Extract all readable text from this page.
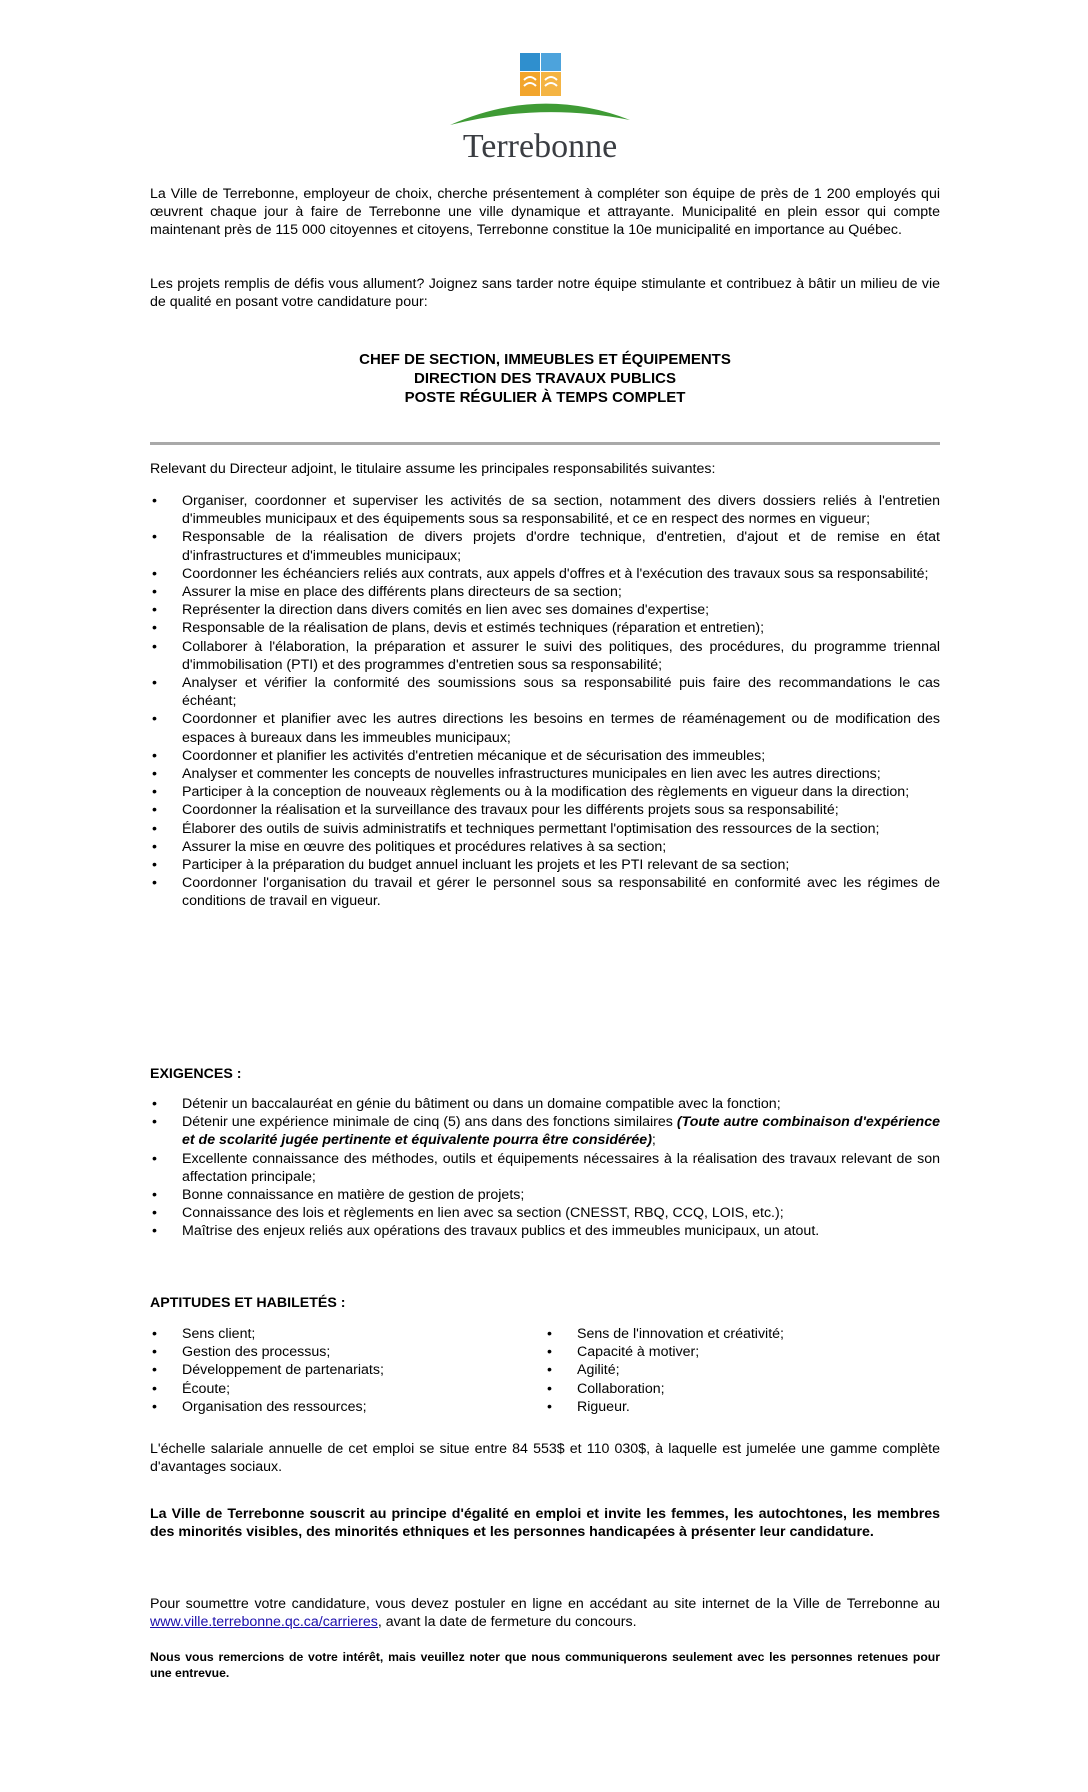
Terrebonne

La Ville de Terrebonne, employeur de choix, cherche présentement à compléter son équipe de près de 1 200 employés qui œuvrent chaque jour à faire de Terrebonne une ville dynamique et attrayante. Municipalité en plein essor qui compte maintenant près de 115 000 citoyennes et citoyens, Terrebonne constitue la 10e municipalité en importance au Québec.

Les projets remplis de défis vous allument? Joignez sans tarder notre équipe stimulante et contribuez à bâtir un milieu de vie de qualité en posant votre candidature pour:

CHEF DE SECTION, IMMEUBLES ET ÉQUIPEMENTS
DIRECTION DES TRAVAUX PUBLICS
POSTE RÉGULIER À TEMPS COMPLET

Relevant du Directeur adjoint, le titulaire assume les principales responsabilités suivantes:

• Organiser, coordonner et superviser les activités de sa section, notamment des divers dossiers reliés à l'entretien d'immeubles municipaux et des équipements sous sa responsabilité, et ce en respect des normes en vigueur;
• Responsable de la réalisation de divers projets d'ordre technique, d'entretien, d'ajout et de remise en état d'infrastructures et d'immeubles municipaux;
• Coordonner les échéanciers reliés aux contrats, aux appels d'offres et à l'exécution des travaux sous sa responsabilité;
• Assurer la mise en place des différents plans directeurs de sa section;
• Représenter la direction dans divers comités en lien avec ses domaines d'expertise;
• Responsable de la réalisation de plans, devis et estimés techniques (réparation et entretien);
• Collaborer à l'élaboration, la préparation et assurer le suivi des politiques, des procédures, du programme triennal d'immobilisation (PTI) et des programmes d'entretien sous sa responsabilité;
• Analyser et vérifier la conformité des soumissions sous sa responsabilité puis faire des recommandations le cas échéant;
• Coordonner et planifier avec les autres directions les besoins en termes de réaménagement ou de modification des espaces à bureaux dans les immeubles municipaux;
• Coordonner et planifier les activités d'entretien mécanique et de sécurisation des immeubles;
• Analyser et commenter les concepts de nouvelles infrastructures municipales en lien avec les autres directions;
• Participer à la conception de nouveaux règlements ou à la modification des règlements en vigueur dans la direction;
• Coordonner la réalisation et la surveillance des travaux pour les différents projets sous sa responsabilité;
• Élaborer des outils de suivis administratifs et techniques permettant l'optimisation des ressources de la section;
• Assurer la mise en œuvre des politiques et procédures relatives à sa section;
• Participer à la préparation du budget annuel incluant les projets et les PTI relevant de sa section;
• Coordonner l'organisation du travail et gérer le personnel sous sa responsabilité en conformité avec les régimes de conditions de travail en vigueur.
EXIGENCES :
• Détenir un baccalauréat en génie du bâtiment ou dans un domaine compatible avec la fonction;
• Détenir une expérience minimale de cinq (5) ans dans des fonctions similaires (Toute autre combinaison d'expérience et de scolarité jugée pertinente et équivalente pourra être considérée);
• Excellente connaissance des méthodes, outils et équipements nécessaires à la réalisation des travaux relevant de son affectation principale;
• Bonne connaissance en matière de gestion de projets;
• Connaissance des lois et règlements en lien avec sa section (CNESST, RBQ, CCQ, LOIS, etc.);
• Maîtrise des enjeux reliés aux opérations des travaux publics et des immeubles municipaux, un atout.
APTITUDES ET HABILETÉS :
• Sens client;
• Gestion des processus;
• Développement de partenariats;
• Écoute;
• Organisation des ressources;
• Sens de l'innovation et créativité;
• Capacité à motiver;
• Agilité;
• Collaboration;
• Rigueur.

L'échelle salariale annuelle de cet emploi se situe entre 84 553$ et 110 030$, à laquelle est jumelée une gamme complète d'avantages sociaux.

La Ville de Terrebonne souscrit au principe d'égalité en emploi et invite les femmes, les autochtones, les membres des minorités visibles, des minorités ethniques et les personnes handicapées à présenter leur candidature.

Pour soumettre votre candidature, vous devez postuler en ligne en accédant au site internet de la Ville de Terrebonne au www.ville.terrebonne.qc.ca/carrieres, avant la date de fermeture du concours.

Nous vous remercions de votre intérêt, mais veuillez noter que nous communiquerons seulement avec les personnes retenues pour une entrevue.
